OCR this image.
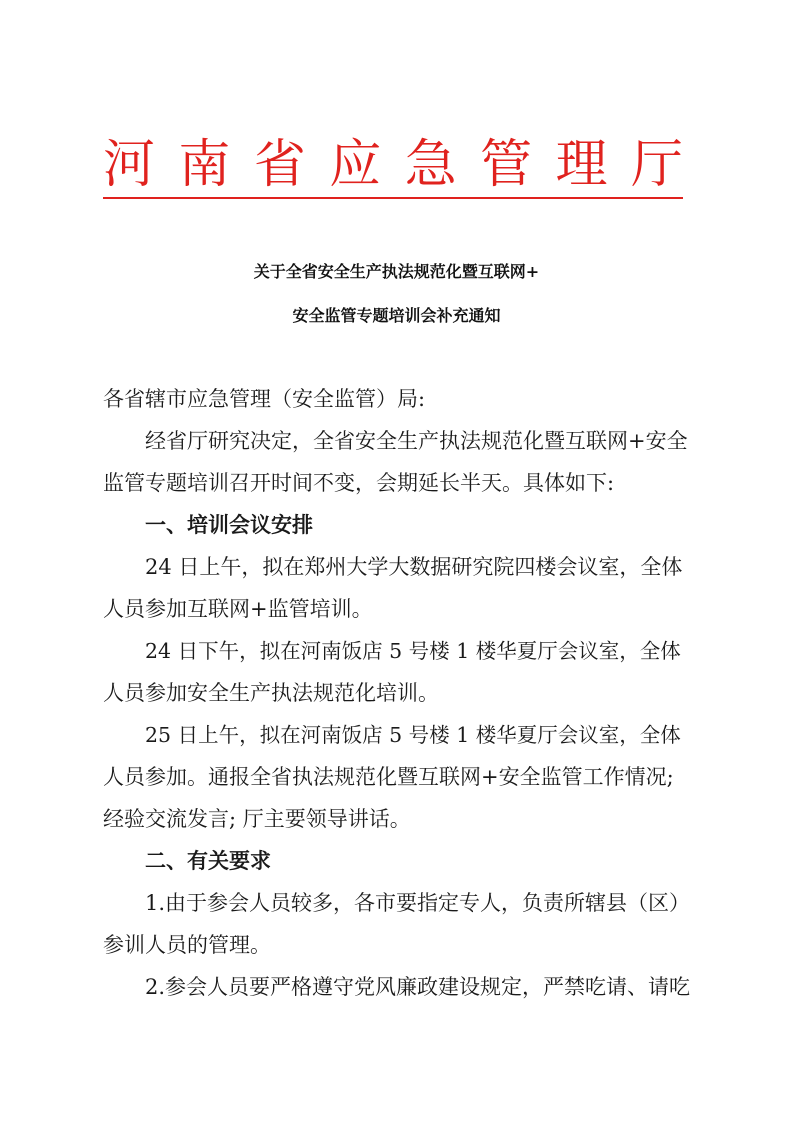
河 南 省 应 急 管 理 厅
关于全省安全生产执法规范化暨互联网+
安全监管专题培训会补充通知
各省辖市应急管理（安全监管）局:
经省厅研究决定，全省安全生产执法规范化暨互联网+安全
监管专题培训召开时间不变，会期延长半天。具体如下:
一、培训会议安排
24 日上午，拟在郑州大学大数据研究院四楼会议室，全体
人员参加互联网+监管培训。
24 日下午，拟在河南饭店 5 号楼 1 楼华夏厅会议室，全体
人员参加安全生产执法规范化培训。
25 日上午，拟在河南饭店 5 号楼 1 楼华夏厅会议室，全体
人员参加。通报全省执法规范化暨互联网+安全监管工作情况;
经验交流发言; 厅主要领导讲话。
二、有关要求
1.由于参会人员较多，各市要指定专人，负责所辖县（区）
参训人员的管理。
2.参会人员要严格遵守党风廉政建设规定，严禁吃请、请吃
